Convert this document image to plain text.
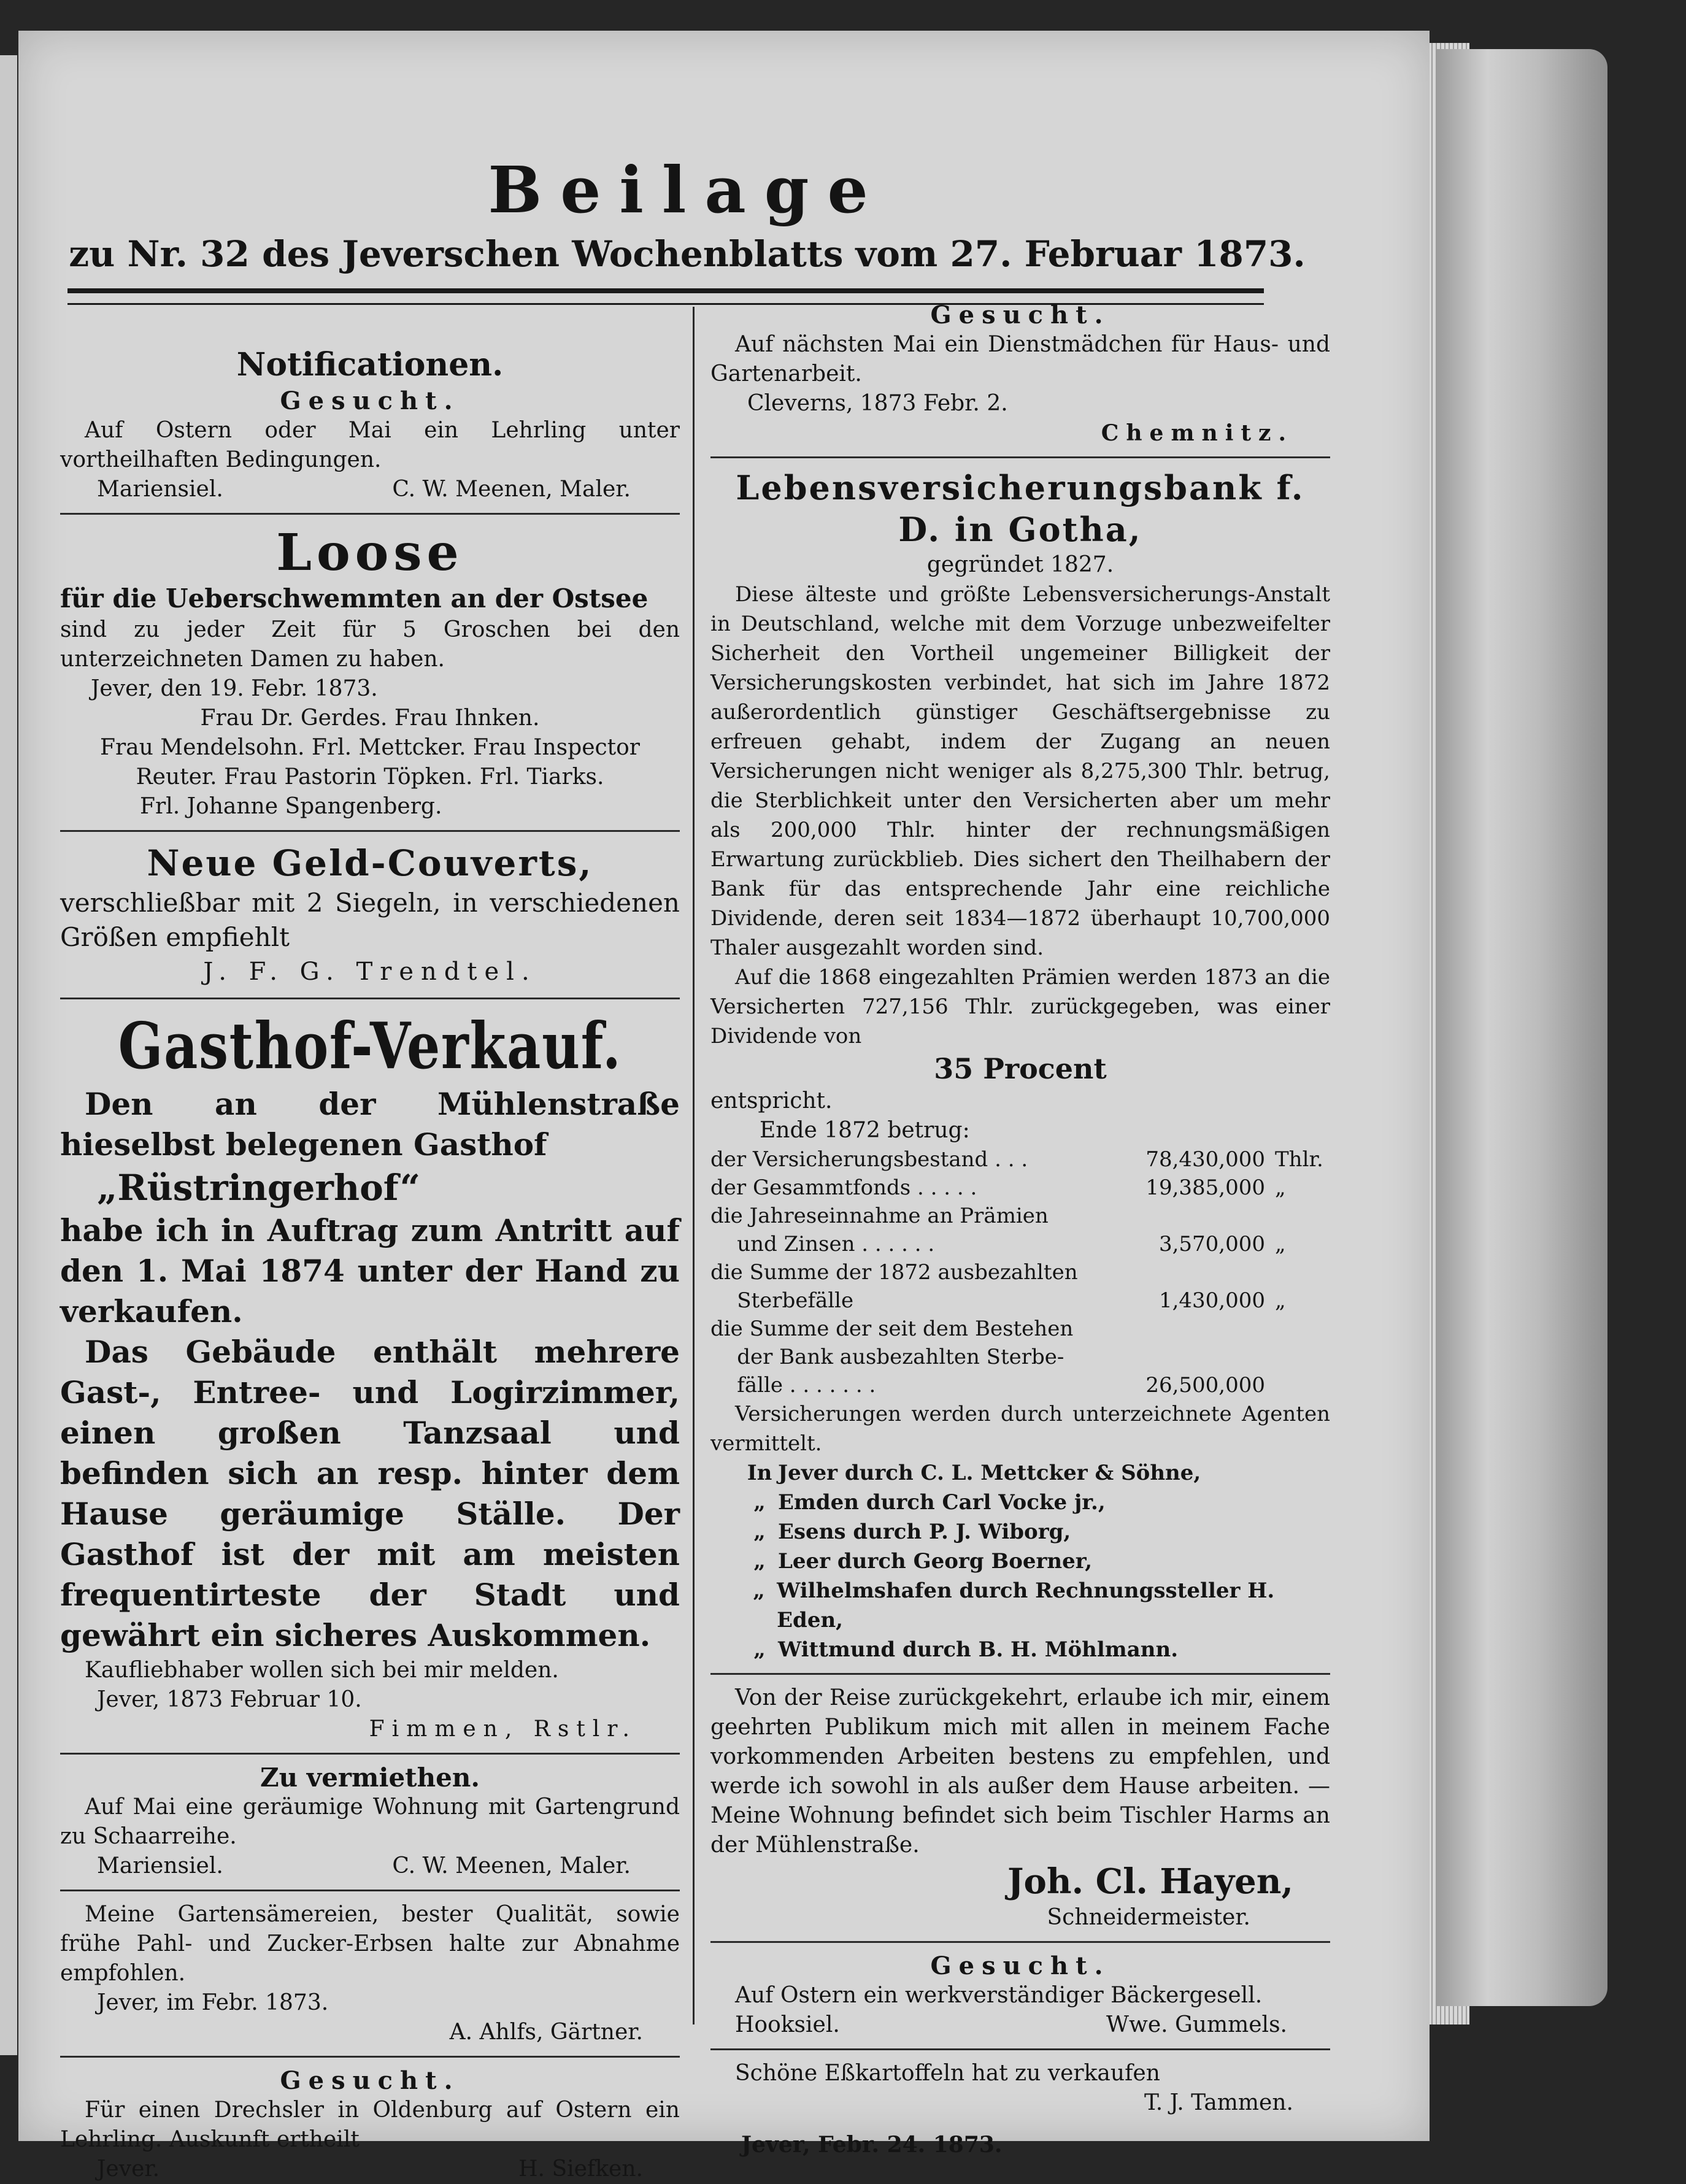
Beilage
zu Nr. 32 des Jeverschen Wochenblatts vom 27. Februar 1873.
Notificationen.
Gesucht.
Auf Ostern oder Mai ein Lehrling unter vortheilhaften Bedingungen.
Mariensiel.	C. W. Meenen, Maler.
Loose
für die Ueberschwemmten an der Ostsee
sind zu jeder Zeit für 5 Groschen bei den unterzeichneten Damen zu haben.
Jever, den 19. Febr. 1873.
Frau Dr. Gerdes. Frau Ihnken.
Frau Mendelsohn. Frl. Mettcker. Frau Inspector
Reuter. Frau Pastorin Töpken. Frl. Tiarks.
Frl. Johanne Spangenberg.
Neue Geld-Couverts,
verschließbar mit 2 Siegeln, in verschiedenen Größen empfiehlt
J. F. G. Trendtel.
Gasthof-Verkauf.
Den an der Mühlenstraße hieselbst belegenen Gasthof
„Rüstringerhof“
habe ich in Auftrag zum Antritt auf den 1. Mai 1874 unter der Hand zu verkaufen.
Das Gebäude enthält mehrere Gast-, Entree- und Logirzimmer, einen großen Tanzsaal und befinden sich an resp. hinter dem Hause geräumige Ställe. Der Gasthof ist der mit am meisten frequentirteste der Stadt und gewährt ein sicheres Auskommen.
Kaufliebhaber wollen sich bei mir melden.
Jever, 1873 Februar 10.
Fimmen, Rstlr.
Zu vermiethen.
Auf Mai eine geräumige Wohnung mit Gartengrund zu Schaarreihe.
Mariensiel.	C. W. Meenen, Maler.
Meine Gartensämereien, bester Qualität, sowie frühe Pahl- und Zucker-Erbsen halte zur Abnahme empfohlen.
Jever, im Febr. 1873.
A. Ahlfs, Gärtner.
Gesucht.
Für einen Drechsler in Oldenburg auf Ostern ein Lehrling. Auskunft ertheilt
Jever.	H. Siefken.
Gesucht.
Auf nächsten Mai ein Dienstmädchen für Haus- und Gartenarbeit.
Cleverns, 1873 Febr. 2.
Chemnitz.
Lebensversicherungsbank f. D. in Gotha,
gegründet 1827.
Diese älteste und größte Lebensversicherungs-Anstalt in Deutschland, welche mit dem Vorzuge unbezweifelter Sicherheit den Vortheil ungemeiner Billigkeit der Versicherungskosten verbindet, hat sich im Jahre 1872 außerordentlich günstiger Geschäftsergebnisse zu erfreuen gehabt, indem der Zugang an neuen Versicherungen nicht weniger als 8,275,300 Thlr. betrug, die Sterblichkeit unter den Versicherten aber um mehr als 200,000 Thlr. hinter der rechnungsmäßigen Erwartung zurückblieb. Dies sichert den Theilhabern der Bank für das entsprechende Jahr eine reichliche Dividende, deren seit 1834—1872 überhaupt 10,700,000 Thaler ausgezahlt worden sind.
Auf die 1868 eingezahlten Prämien werden 1873 an die Versicherten 727,156 Thlr. zurückgegeben, was einer Dividende von
35 Procent
entspricht.
Ende 1872 betrug:
der Versicherungsbestand . . .	78,430,000 Thlr.
der Gesammtfonds . . . . .	19,385,000 „
die Jahreseinnahme an Prämien
und Zinsen . . . . . .	3,570,000 „
die Summe der 1872 ausbezahlten
Sterbefälle	1,430,000 „
die Summe der seit dem Bestehen
der Bank ausbezahlten Sterbe-
fälle . . . . . . .	26,500,000
Versicherungen werden durch unterzeichnete Agenten vermittelt.
In Jever durch C. L. Mettcker & Söhne,
„ Emden durch Carl Vocke jr.,
„ Esens durch P. J. Wiborg,
„ Leer durch Georg Boerner,
„ Wilhelmshafen durch Rechnungssteller H. Eden,
„ Wittmund durch B. H. Möhlmann.
Von der Reise zurückgekehrt, erlaube ich mir, einem geehrten Publikum mich mit allen in meinem Fache vorkommenden Arbeiten bestens zu empfehlen, und werde ich sowohl in als außer dem Hause arbeiten. — Meine Wohnung befindet sich beim Tischler Harms an der Mühlenstraße.
Joh. Cl. Hayen,
Schneidermeister.
Gesucht.
Auf Ostern ein werkverständiger Bäckergesell.
Hooksiel.	Wwe. Gummels.
Schöne Eßkartoffeln hat zu verkaufen
T. J. Tammen.
Jever, Febr. 24. 1873.
